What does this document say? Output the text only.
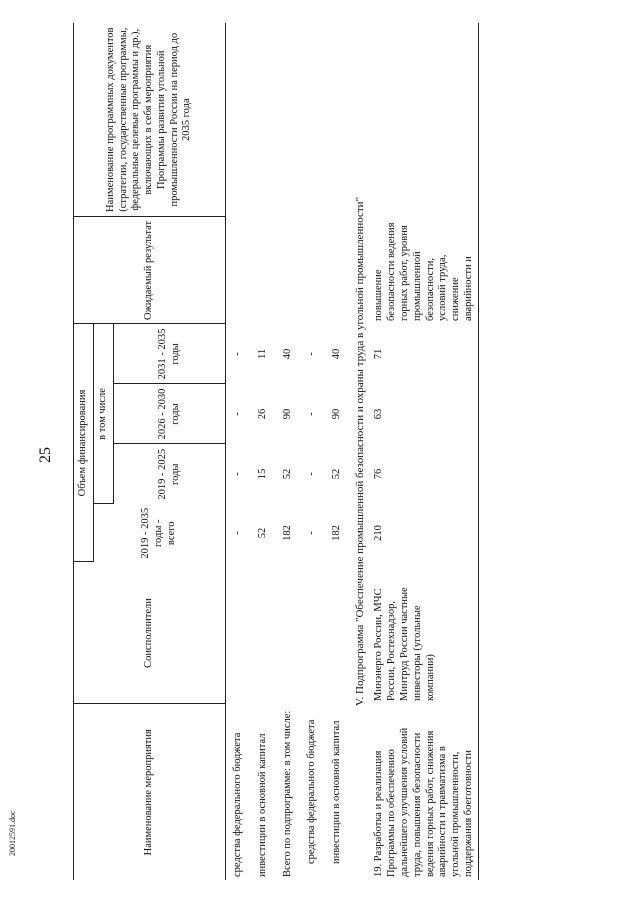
25
20012591.doc	Наименование мероприятия	Соисполнители	Объем финансирования				Ожидаемый результат	Наименование программных документов (стратегии, государственные программы, федеральные целевые программы и др.), включающих в себя мероприятия Программы развития угольной промышленности России на период до 2035 года
		2019 - 2035 годы - всего	в том числе				
			2019 - 2025 годы	2026 - 2030 годы	2031 - 2035 годы		
средства федерального бюджета		-	-	-	-		
инвестиции в основной капитал		52	15	26	11		
Всего по подпрограмме: в том числе:		182	52	90	40		
средства федерального бюджета		-	-	-	-		
инвестиции в основной капитал		182	52	90	40		
V. Подпрограмма "Обеспечение промышленной безопасности и охраны труда в угольной промышленности"							
19. Разработка и реализация Программы по обеспечению дальнейшего улучшения условий труда, повышения безопасности ведения горных работ, снижения аварийности и травматизма в угольной промышленности, поддержания боеготовности	Минэнерго России, МЧС России, Ростехнадзор, Минтруд России частные инвесторы (угольные компании)	210	76	63	71	повышение безопасности ведения горных работ, уровня промышленной безопасности, условий труда, снижение аварийности и	
